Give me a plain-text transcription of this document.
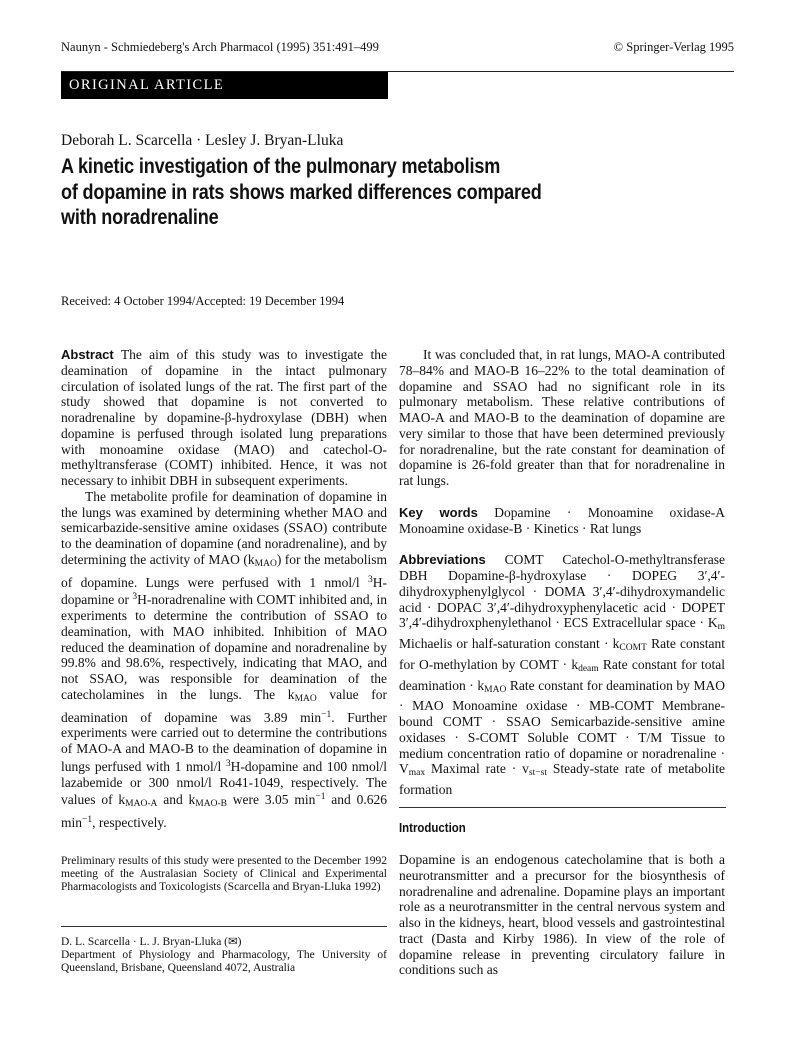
Naunyn - Schmiedeberg's Arch Pharmacol (1995) 351:491–499	© Springer-Verlag 1995
ORIGINAL ARTICLE
Deborah L. Scarcella · Lesley J. Bryan-Lluka
A kinetic investigation of the pulmonary metabolism
of dopamine in rats shows marked differences compared
with noradrenaline
Received: 4 October 1994/Accepted: 19 December 1994

Abstract The aim of this study was to investigate the deamination of dopamine in the intact pulmonary circulation of isolated lungs of the rat. The first part of the study showed that dopamine is not converted to noradrenaline by dopamine-β-hydroxylase (DBH) when dopamine is perfused through isolated lung preparations with monoamine oxidase (MAO) and catechol-O-methyltransferase (COMT) inhibited. Hence, it was not necessary to inhibit DBH in subsequent experiments.

The metabolite profile for deamination of dopamine in the lungs was examined by determining whether MAO and semicarbazide-sensitive amine oxidases (SSAO) contribute to the deamination of dopamine (and noradrenaline), and by determining the activity of MAO $(k_{MAO})$ for the metabolism of dopamine. Lungs were perfused with 1 nmol/l $^3$H-dopamine or $^3$H-noradrenaline with COMT inhibited and, in experiments to determine the contribution of SSAO to deamination, with MAO inhibited. Inhibition of MAO reduced the deamination of dopamine and noradrenaline by 99.8% and 98.6%, respectively, indicating that MAO, and not SSAO, was responsible for deamination of the catecholamines in the lungs. The $k_{MAO}$ value for deamination of dopamine was 3.89 $\min^{-1}$. Further experiments were carried out to determine the contributions of MAO-A and MAO-B to the deamination of dopamine in lungs perfused with 1 nmol/l $^3$H-dopamine and 100 nmol/l lazabemide or 300 nmol/l Ro41-1049, respectively. The values of $k_{MAO-A}$ and $k_{MAO-B}$ were 3.05 $\min^{-1}$ and 0.626 $\min^{-1}$, respectively.

Preliminary results of this study were presented to the December 1992 meeting of the Australasian Society of Clinical and Experimental Pharmacologists and Toxicologists (Scarcella and Bryan-Lluka 1992)

D. L. Scarcella · L. J. Bryan-Lluka (✉)
Department of Physiology and Pharmacology, The University of Queensland, Brisbane, Queensland 4072, Australia

It was concluded that, in rat lungs, MAO-A contributed 78–84% and MAO-B 16–22% to the total deamination of dopamine and SSAO had no significant role in its pulmonary metabolism. These relative contributions of MAO-A and MAO-B to the deamination of dopamine are very similar to those that have been determined previously for noradrenaline, but the rate constant for deamination of dopamine is 26-fold greater than that for noradrenaline in rat lungs.

Key words Dopamine · Monoamine oxidase-A Monoamine oxidase-B · Kinetics · Rat lungs

Abbreviations COMT Catechol-O-methyltransferase DBH Dopamine-β-hydroxylase · DOPEG 3′,4′-dihydroxyphenylglycol · DOMA 3′,4′-dihydroxymandelic acid · DOPAC 3′,4′-dihydroxyphenylacetic acid · DOPET 3′,4′-dihydroxphenylethanol · ECS Extracellular space · $K_m$ Michaelis or half-saturation constant · $k_{COMT}$ Rate constant for O-methylation by COMT · $k_{deam}$ Rate constant for total deamination · $k_{MAO}$ Rate constant for deamination by MAO · MAO Monoamine oxidase · MB-COMT Membrane-bound COMT · SSAO Semicarbazide-sensitive amine oxidases · S-COMT Soluble COMT · T/M Tissue to medium concentration ratio of dopamine or noradrenaline · $V_{max}$ Maximal rate · $v_{st-st}$ Steady-state rate of metabolite formation

Introduction

Dopamine is an endogenous catecholamine that is both a neurotransmitter and a precursor for the biosynthesis of noradrenaline and adrenaline. Dopamine plays an important role as a neurotransmitter in the central nervous system and also in the kidneys, heart, blood vessels and gastrointestinal tract (Dasta and Kirby 1986). In view of the role of dopamine release in preventing circulatory failure in conditions such as
